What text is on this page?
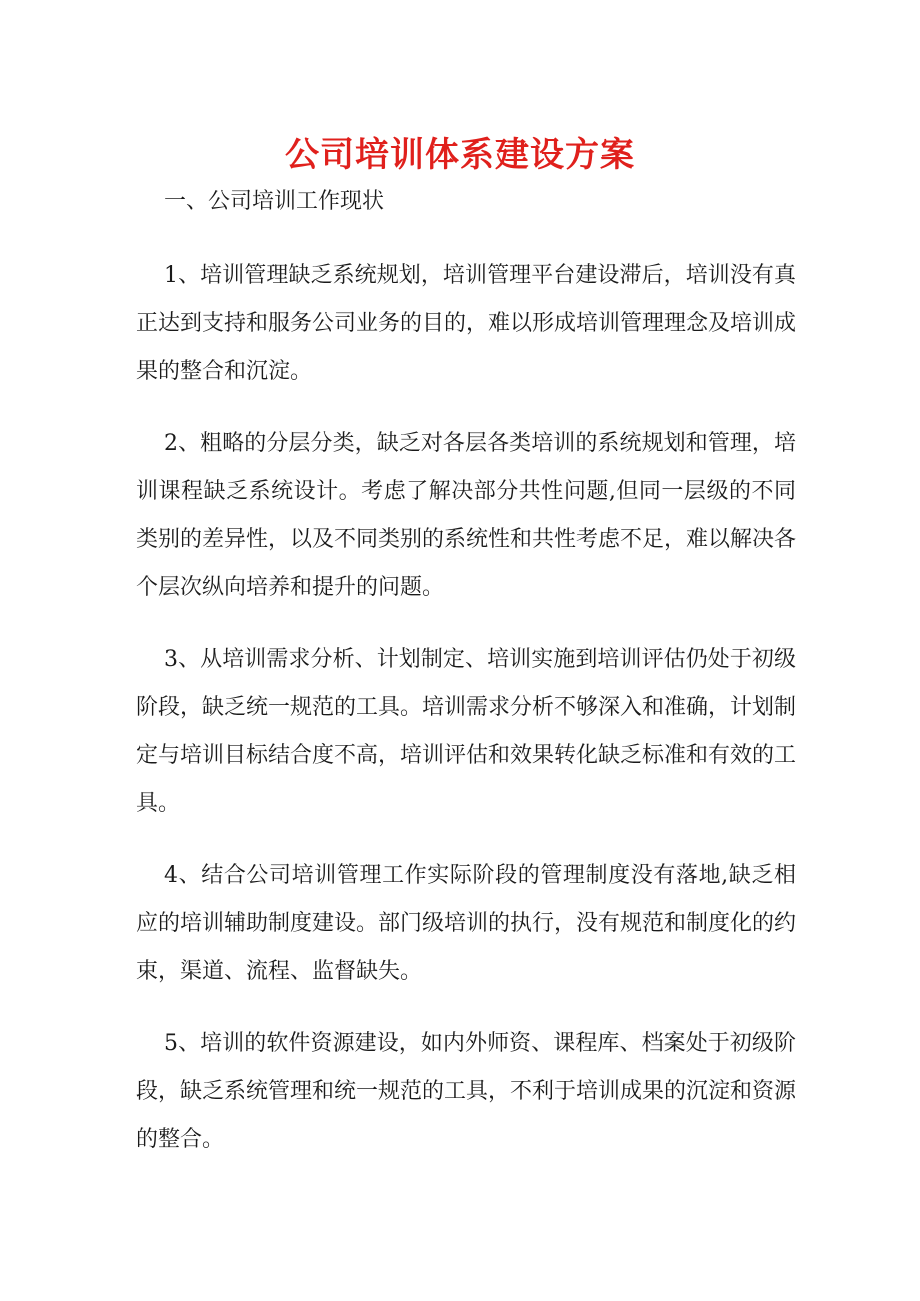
公司培训体系建设方案

一、公司培训工作现状

1、培训管理缺乏系统规划，培训管理平台建设滞后，培训没有真正达到支持和服务公司业务的目的，难以形成培训管理理念及培训成果的整合和沉淀。

2、粗略的分层分类，缺乏对各层各类培训的系统规划和管理，培训课程缺乏系统设计。考虑了解决部分共性问题,但同一层级的不同类别的差异性，以及不同类别的系统性和共性考虑不足，难以解决各个层次纵向培养和提升的问题。

3、从培训需求分析、计划制定、培训实施到培训评估仍处于初级阶段，缺乏统一规范的工具。培训需求分析不够深入和准确，计划制定与培训目标结合度不高，培训评估和效果转化缺乏标准和有效的工具。

4、结合公司培训管理工作实际阶段的管理制度没有落地,缺乏相应的培训辅助制度建设。部门级培训的执行，没有规范和制度化的约束，渠道、流程、监督缺失。

5、培训的软件资源建设，如内外师资、课程库、档案处于初级阶段，缺乏系统管理和统一规范的工具，不利于培训成果的沉淀和资源的整合。
